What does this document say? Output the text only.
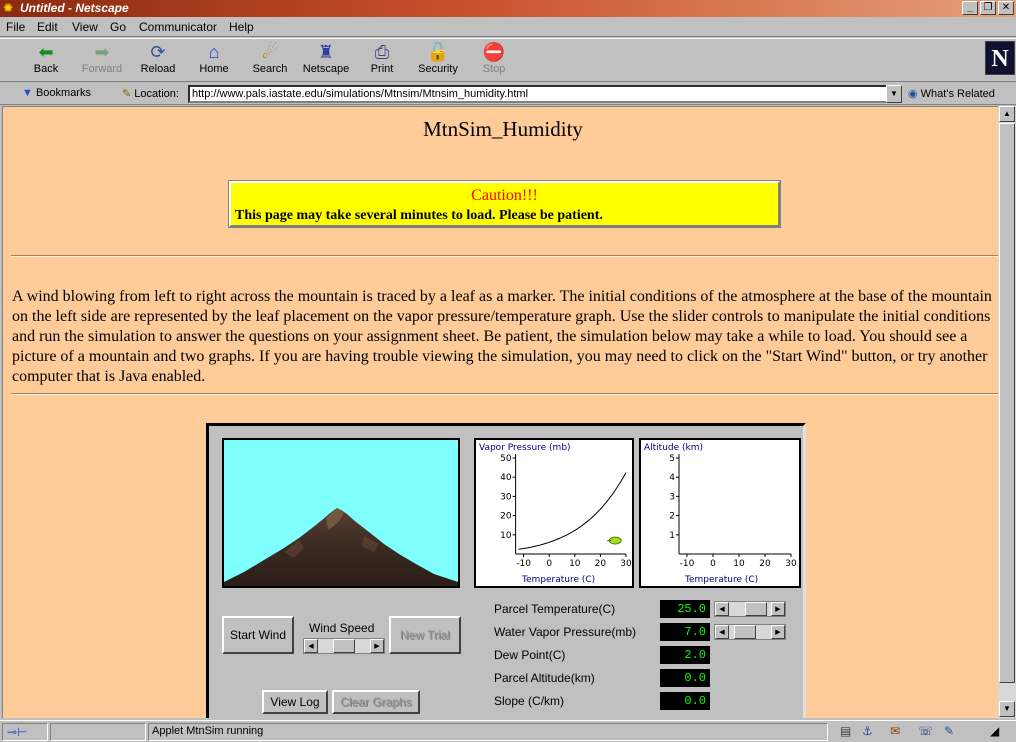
✺ Untitled - Netscape	_	❐ ✕
File Edit View Go Communicator Help
N
⬅
Back
➡
Forward
⟳
Reload
⌂
Home
☄
Search
♜
Netscape
⎙
Print
🔓
Security
⛔
Stop
▼ Bookmarks	✎ Location:	http://www.pals.iastate.edu/simulations/Mtnsim/Mtnsim_humidity.html	▼ ◉ What's Related
MtnSim_Humidity
Caution!!!
This page may take several minutes to load. Please be patient.
A wind blowing from left to right across the mountain is traced by a leaf as a marker. The initial conditions of the atmosphere at the base of the mountain on the left side are represented by the leaf placement on the vapor pressure/temperature graph. Use the slider controls to manipulate the initial conditions and run the simulation to answer the questions on your assignment sheet. Be patient, the simulation below may take a while to load. You should see a picture of a mountain and two graphs. If you are having trouble viewing the simulation, you may need to click on the "Start Wind" button, or try another computer that is Java enabled.
Vapor Pressure (mb)
Temperature (C)
50
40
30
20
10
-10 0 10 20 30
Altitude (km)
Temperature (C)
5
4
3
2
1
-10 0 10 20 30
Start Wind	Wind Speed
◀	▶
New Trial
View Log	Clear Graphs
Parcel Temperature(C)	25.0	◀	▶
Water Vapor Pressure(mb)	7.0	◀	▶
Dew Point(C)	2.0
Parcel Altitude(km)	0.0
Slope (C/km)	0.0
▲
▼
⊸⊢	Applet MtnSim running	▤ ⚓ ✉ ☏ ✎	◢
